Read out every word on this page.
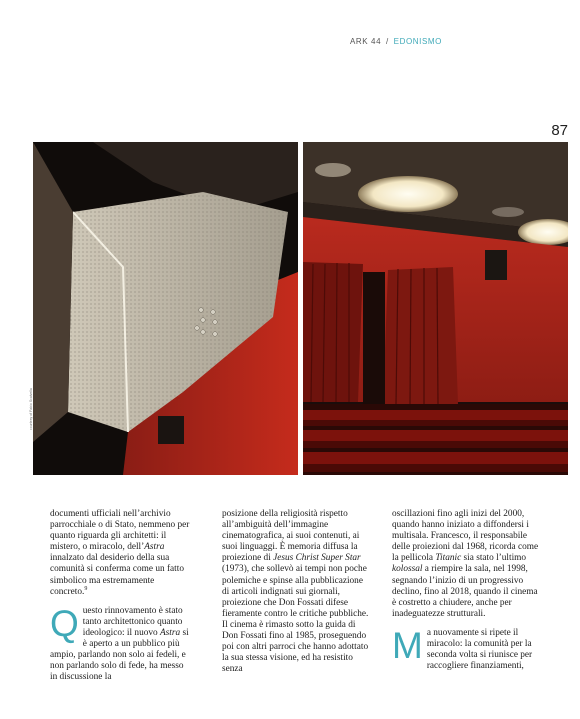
ARK 44 / EDONISMO
87
courtesy of Fabio Scalvella

documenti ufficiali nell’archivio parrocchiale o di Stato, nemmeno per quanto riguarda gli architetti: il mistero, o miracolo, dell’Astra innalzato dal desiderio della sua comunità si conferma come un fatto simbolico ma estremamente concreto.$^9$

Questo rinnovamento è stato tanto architettonico quanto ideologico: il nuovo Astra si è aperto a un pubblico più ampio, parlando non solo ai fedeli, e non parlando solo di fede, ha messo in discussione la

posizione della religiosità rispetto all’ambiguità dell’immagine cinematografica, ai suoi contenuti, ai suoi linguaggi. È memoria diffusa la proiezione di Jesus Christ Super Star (1973), che sollevò ai tempi non poche polemiche e spinse alla pubblicazione di articoli indignati sui giornali, proiezione che Don Fossati difese fieramente contro le critiche pubbliche.

Il cinema è rimasto sotto la guida di Don Fossati fino al 1985, proseguendo poi con altri parroci che hanno adottato la sua stessa visione, ed ha resistito senza

oscillazioni fino agli inizi del 2000, quando hanno iniziato a diffondersi i multisala. Francesco, il responsabile delle proiezioni dal 1968, ricorda come la pellicola Titanic sia stato l’ultimo kolossal a riempire la sala, nel 1998, segnando l’inizio di un progressivo declino, fino al 2018, quando il cinema è costretto a chiudere, anche per inadeguatezze strutturali.

Ma nuovamente si ripete il miracolo: la comunità per la seconda volta si riunisce per raccogliere finanziamenti,
